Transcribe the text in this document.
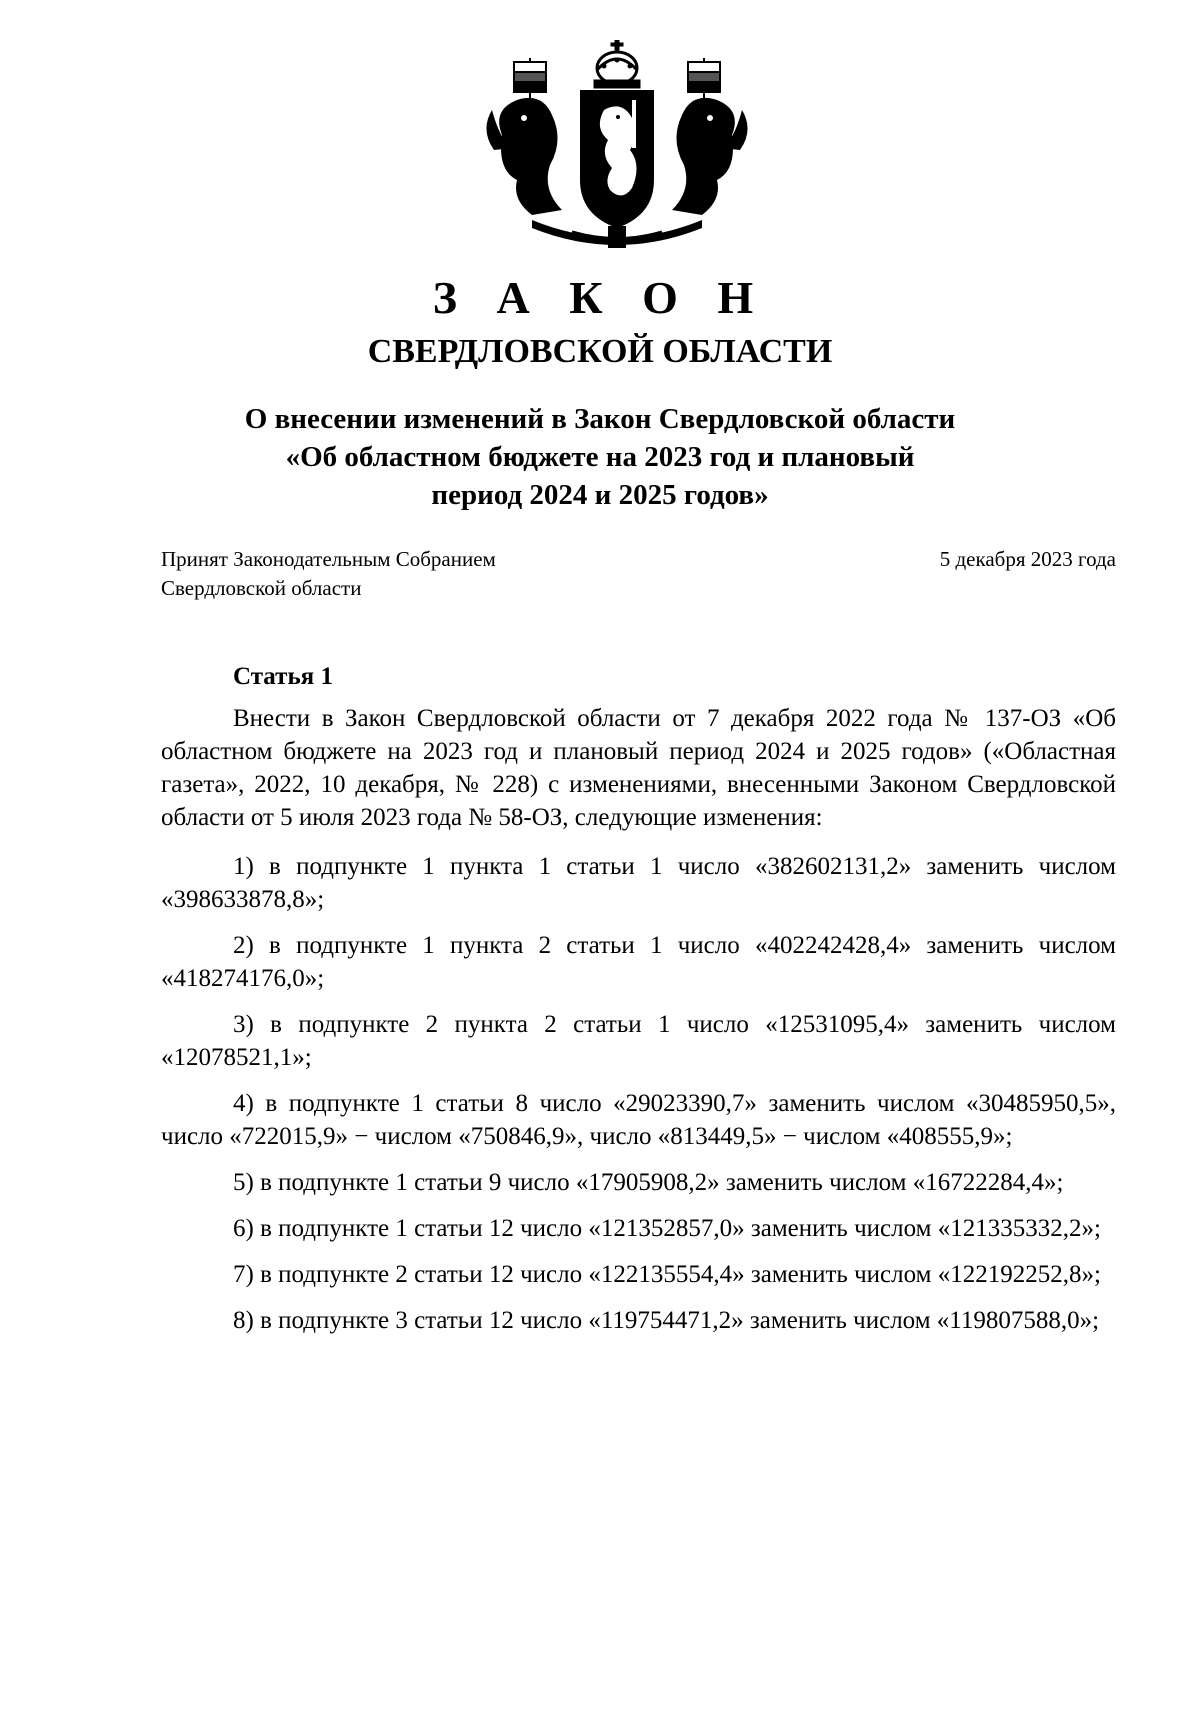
З А К О Н
СВЕРДЛОВСКОЙ ОБЛАСТИ
О внесении изменений в Закон Свердловской области
«Об областном бюджете на 2023 год и плановый
период 2024 и 2025 годов»
Принят Законодательным Собранием
Свердловской области
5 декабря 2023 года
Статья 1

Внести в Закон Свердловской области от 7 декабря 2022 года № 137-ОЗ «Об областном бюджете на 2023 год и плановый период 2024 и 2025 годов» («Областная газета», 2022, 10 декабря, № 228) с изменениями, внесенными Законом Свердловской области от 5 июля 2023 года № 58-ОЗ, следующие изменения:

1) в подпункте 1 пункта 1 статьи 1 число «382602131,2» заменить числом «398633878,8»;

2) в подпункте 1 пункта 2 статьи 1 число «402242428,4» заменить числом «418274176,0»;

3) в подпункте 2 пункта 2 статьи 1 число «12531095,4» заменить числом «12078521,1»;

4) в подпункте 1 статьи 8 число «29023390,7» заменить числом «30485950,5», число «722015,9» − числом «750846,9», число «813449,5» − числом «408555,9»;

5) в подпункте 1 статьи 9 число «17905908,2» заменить числом «16722284,4»;

6) в подпункте 1 статьи 12 число «121352857,0» заменить числом «121335332,2»;

7) в подпункте 2 статьи 12 число «122135554,4» заменить числом «122192252,8»;

8) в подпункте 3 статьи 12 число «119754471,2» заменить числом «119807588,0»;
